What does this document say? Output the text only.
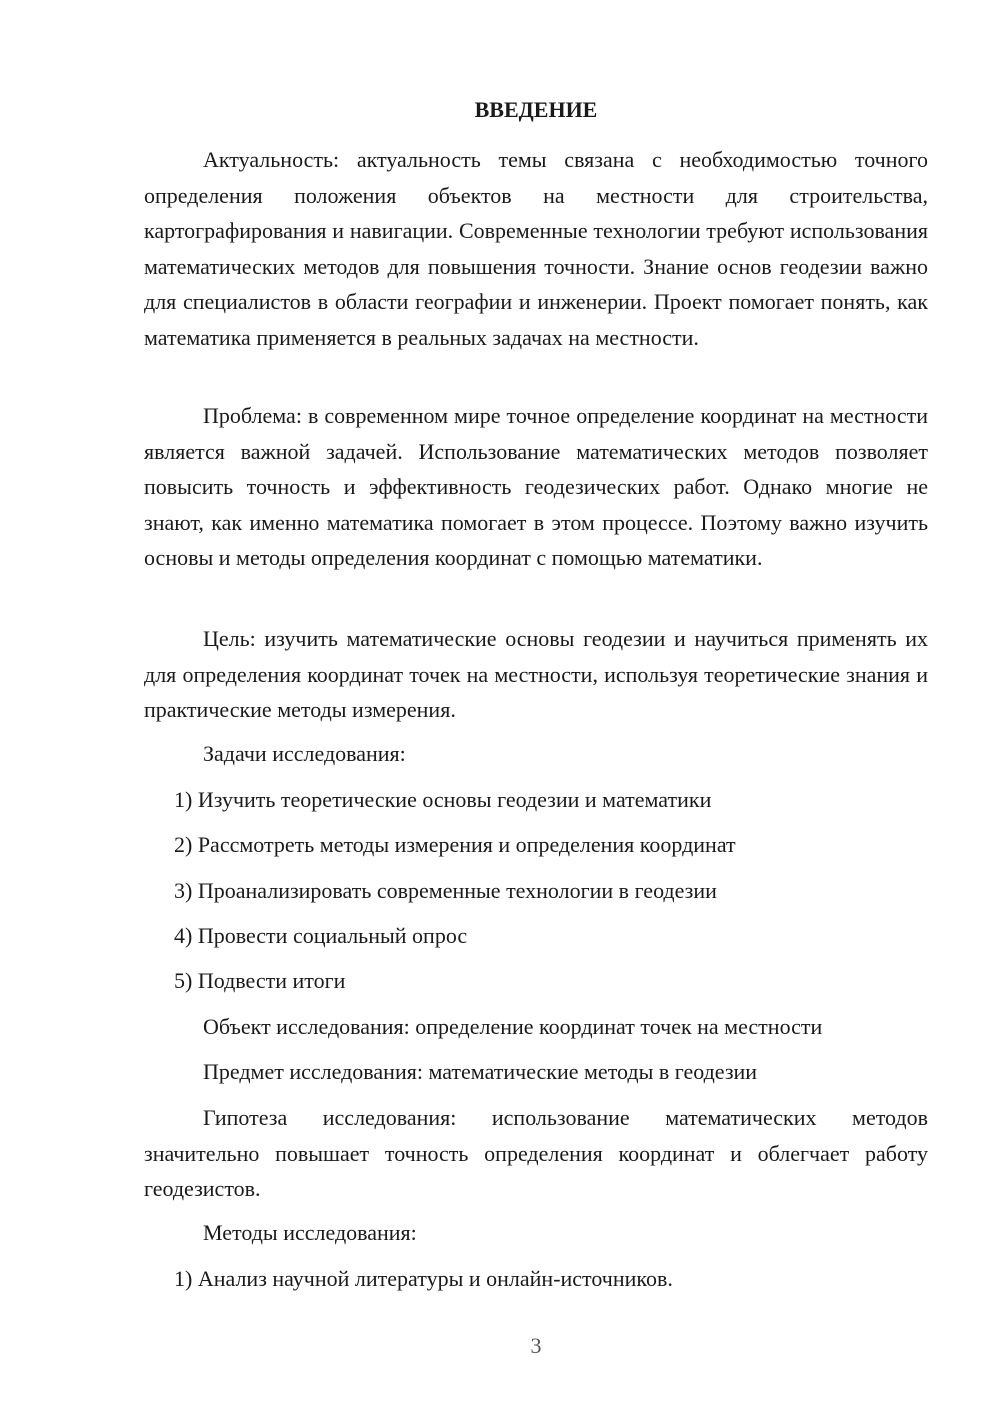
ВВЕДЕНИЕ

Актуальность: актуальность темы связана с необходимостью точного определения положения объектов на местности для строительства, картографирования и навигации. Современные технологии требуют использования математических методов для повышения точности. Знание основ геодезии важно для специалистов в области географии и инженерии. Проект помогает понять, как математика применяется в реальных задачах на местности.

Проблема: в современном мире точное определение координат на местности является важной задачей. Использование математических методов позволяет повысить точность и эффективность геодезических работ. Однако многие не знают, как именно математика помогает в этом процессе. Поэтому важно изучить основы и методы определения координат с помощью математики.

Цель: изучить математические основы геодезии и научиться применять их для определения координат точек на местности, используя теоретические знания и практические методы измерения.

Задачи исследования:

1) Изучить теоретические основы геодезии и математики

2) Рассмотреть методы измерения и определения координат

3) Проанализировать современные технологии в геодезии

4) Провести социальный опрос

5) Подвести итоги

Объект исследования: определение координат точек на местности

Предмет исследования: математические методы в геодезии

Гипотеза исследования: использование математических методов значительно повышает точность определения координат и облегчает работу геодезистов.

Методы исследования:

1) Анализ научной литературы и онлайн-источников.

3
